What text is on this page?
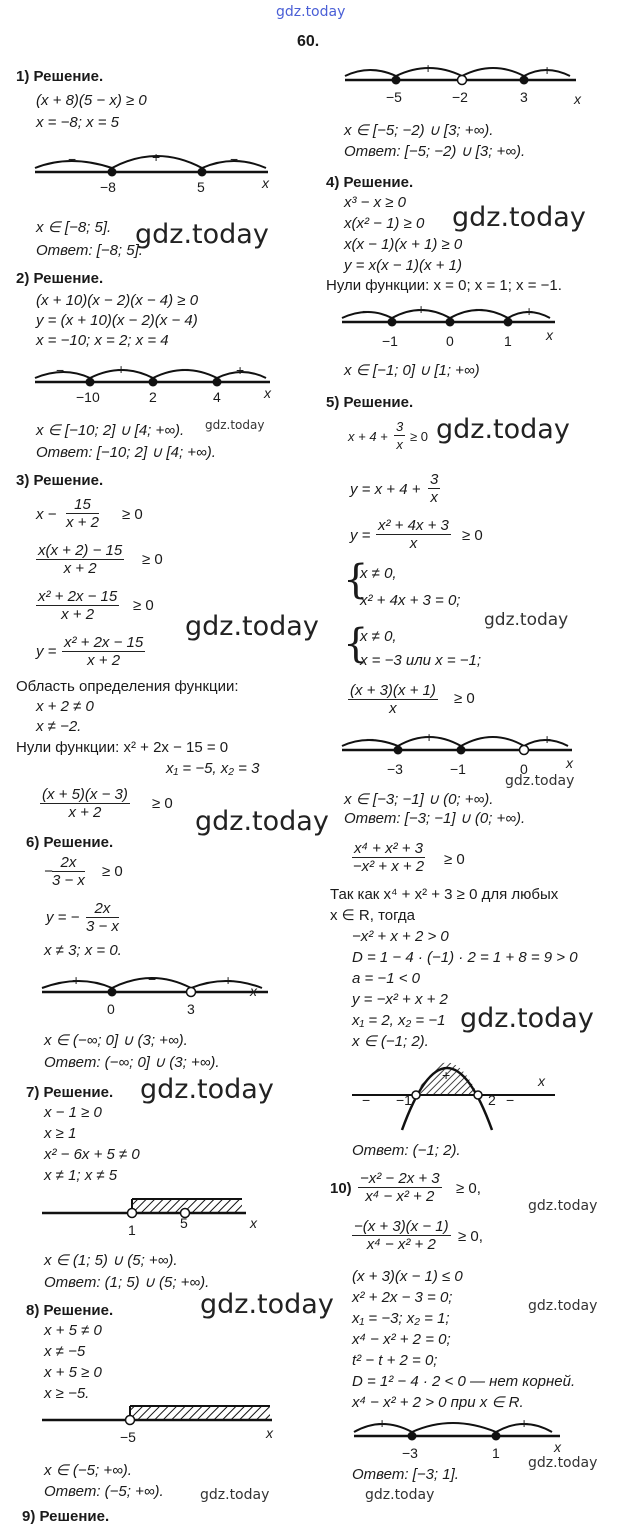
gdz.today
60.
gdz.today
gdz.today
gdz.today
gdz.today
gdz.today
gdz.today
gdz.today
gdz.today
gdz.today
gdz.today
gdz.today
gdz.today
gdz.today
gdz.today
gdz.today	gdz.today
1) Решение.
(x + 8)(5 − x) ≥ 0
x = −8; x = 5
−	+	−
−8	5	x
x ∈ [−8; 5].
Ответ: [−8; 5].
2) Решение.
(x + 10)(x − 2)(x − 4) ≥ 0
y = (x + 10)(x − 2)(x − 4)
x = −10; x = 2; x = 4
−	+	−	+
−10	2	4	x
x ∈ [−10; 2] ∪ [4; +∞).
Ответ: [−10; 2] ∪ [4; +∞).
3) Решение.
$x - \frac{15}{x + 2} \ge 0$
$\frac{x(x + 2) - 15}{x + 2} \ge 0$
$\frac{\text{x² + 2x − 15}}{x + 2} \ge 0$
$y = \frac{\text{x² + 2x − 15}}{x + 2}$
Область определения функции:
x + 2 ≠ 0
x ≠ −2.
Нули функции: x² + 2x − 15 = 0
x₁ = −5, x₂ = 3
$\frac{(x + 5)(x - 3)}{x + 2} \ge 0$
6) Решение.
− $\frac{2x}{3 - x} \ge 0$
y = − $\frac{2x}{3 - x}$
x ≠ 3; x = 0.
+	−	+
0	3
x
x ∈ (−∞; 0] ∪ (3; +∞).
Ответ: (−∞; 0] ∪ (3; +∞).
7) Решение.
x − 1 ≥ 0
x ≥ 1
x² − 6x + 5 ≠ 0
x ≠ 1; x ≠ 5
1	5	x
x ∈ (1; 5) ∪ (5; +∞).
Ответ: (1; 5) ∪ (5; +∞).
8) Решение.
x + 5 ≠ 0
x ≠ −5
x + 5 ≥ 0
x ≥ −5.
−5	x
x ∈ (−5; +∞).
Ответ: (−5; +∞).
9) Решение.
−	+	−	+
−5	−2	3	x
x ∈ [−5; −2) ∪ [3; +∞).
Ответ: [−5; −2) ∪ [3; +∞).
4) Решение.
x³ − x ≥ 0
x(x² − 1) ≥ 0
x(x − 1)(x + 1) ≥ 0
y = x(x − 1)(x + 1)
Нули функции: x = 0; x = 1; x = −1.
−	+	−	+
−1	0	1 x
x ∈ [−1; 0] ∪ [1; +∞)
5) Решение.
$x + 4 + \frac{3}{x} \ge 0$
$y = x + 4 + \frac{3}{x}$
$y = \frac{\text{x² + 4x + 3}}{x} \ge 0$
{
x ≠ 0,
x² + 4x + 3 = 0;
{
x ≠ 0,
x = −3 или x = −1;
$\frac{(x + 3)(x + 1)}{x} \ge 0$
−	+	−	+
−3	−1	0	x
x ∈ [−3; −1] ∪ (0; +∞).
Ответ: [−3; −1] ∪ (0; +∞).
$\frac{\text{x⁴ + x² + 3}}{\text{−x² + x + 2}} \ge 0$
Так как x⁴ + x² + 3 ≥ 0 для любых
x ∈ R, тогда
−x² + x + 2 > 0
D = 1 − 4 · (−1) · 2 = 1 + 8 = 9 > 0
a = −1 < 0
y = −x² + x + 2
x₁ = 2, x₂ = −1
x ∈ (−1; 2).
+
− −1	2 −
x
Ответ: (−1; 2).
$10) \frac{\text{−x² − 2x + 3}}{\text{x⁴ − x² + 2}} \ge 0$,
$\frac{-(x + 3)(x - 1)}{\text{x⁴ − x² + 2}} \ge 0$,
(x + 3)(x − 1) ≤ 0
x² + 2x − 3 = 0;
x₁ = −3; x₂ = 1;
x⁴ − x² + 2 = 0;
t² − t + 2 = 0;
D = 1² − 4 · 2 < 0 — нет корней.
x⁴ − x² + 2 > 0 при x ∈ R.
+	−	+
−3	1	x
Ответ: [−3; 1].
